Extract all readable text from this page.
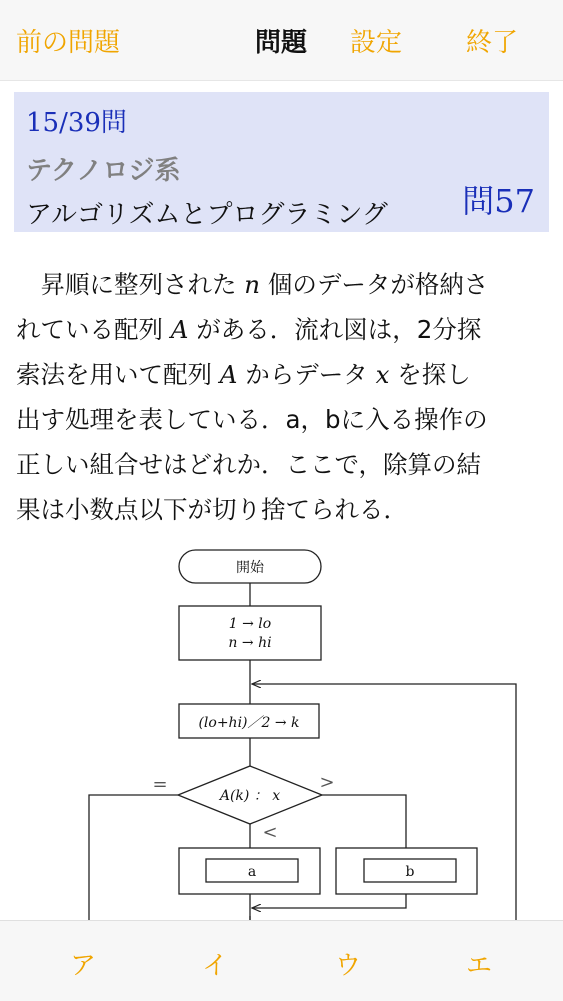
前の問題	問題 設定 終了
15/39問
テクノロジ系
アルゴリズムとプログラミング 問57

　昇順に整列された n 個のデータが格納さ

れている配列 A がある．流れ図は，2分探

索法を用いて配列 A からデータ x を探し

出す処理を表している．a，bに入る操作の

正しい組合せはどれか．ここで，除算の結

果は小数点以下が切り捨てられる．

開始
1 → lo
n → hi
(lo+hi)／2 → k
A(k) ： x
=	>
<
a	b
ア	イ	ウ	エ
